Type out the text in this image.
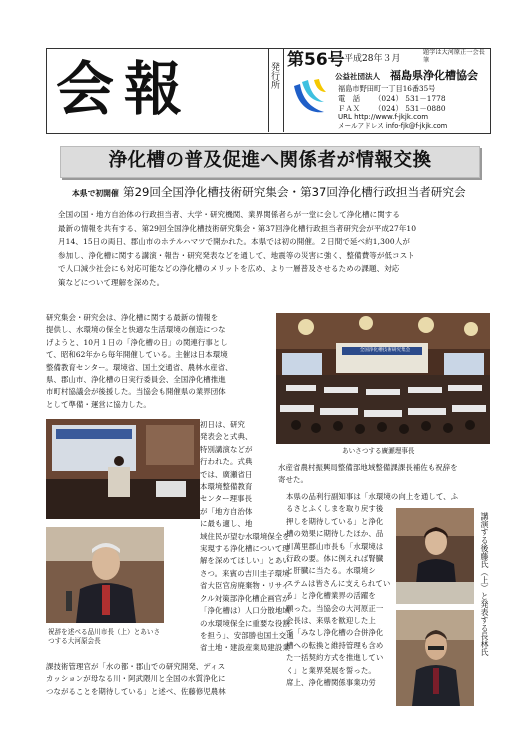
会報	発行所
第56号 平成28年３月
題字は大河原正一会長筆
公益社団法人 福島県浄化槽協会
福島市野田町一丁目16番35号
電　話 （024） 531－1778
ＦＡＸ （024） 531－0880
URL http://www.f-jkjk.com
メールアドレス info-fjk@f-jkjk.com
浄化槽の普及促進へ関係者が情報交換
本県で初開催 第29回全国浄化槽技術研究集会・第37回浄化槽行政担当者研究会
全国の国・地方自治体の行政担当者、大学・研究機関、業界関係者らが一堂に会して浄化槽に関する
最新の情報を共有する、第29回全国浄化槽技術研究集会・第37回浄化槽行政担当者研究会が平成27年10
月14、15日の両日、郡山市のホテルハマツで開かれた。本県では初の開催。２日間で延べ約1,300人が
参加し、浄化槽に関する講演・報告・研究発表などを通して、地震等の災害に強く、整備費等が低コスト
で人口減少社会にも対応可能などの浄化槽のメリットを広め、より一層普及させるための課題、対応
策などについて理解を深めた。
研究集会・研究会は、浄化槽に関する最新の情報を
提供し、水環境の保全と快適な生活環境の創造につな
げようと、10月１日の「浄化槽の日」の関連行事とし
て、昭和62年から毎年開催している。主催は日本環境
整備教育センター。環境省、国土交通省、農林水産省、
県、郡山市、浄化槽の日実行委員会、全国浄化槽推進
市町村協議会が後援した。当協会も開催県の業界団体
として準備・運営に協力した。
全国浄化槽技術研究集会
あいさつする廣瀬理事長
初日は、研究
発表会と式典、
特別講演などが
行われた。式典
では、廣瀬省日
本環境整備教育
センター理事長
が「地方自治体
に最も適し、地
域住民が望む水環境保全を
実現する浄化槽について理
解を深めてほしい」とあい
さつ。来賓の吉川圭子環境
省大臣官房廃棄物・リサイ
クル対策部浄化槽企画官が
「浄化槽は）人口分散地域
の水環境保全に重要な役割
を担う」、安部勝也国土交通
省土地・建設産業局建設業
祝辞を述べる品川市長（上）とあいさつする大河原会長
課技術管理官が「水の都・郡山での研究開発、ディス
カッションが母なる川・阿武隈川と全国の水質浄化に
つながることを期待している」と述べ、佐藤修児農林
水産省農村振興局整備部地域整備課課長補佐も祝辞を
寄せた。
本県の品利行副知事は「水環境の向上を通して、ふ
るさとふくしまを取り戻す後
押しを期待している」と浄化
槽の効果に期待したほか、品
川萬里郡山市長も「水環境は
行政の要。体に例えれば腎臓
と肝臓に当たる。水環境シ
ステムは皆さんに支えられてい
る」と浄化槽業界の活躍を
願った。当協会の大河原正一
会長は、来県を歓迎した上
で「みなし浄化槽の合併浄化
槽への転換と維持管理も含め
た一括契約方式を推進してい
く」と業界発展を誓った。
席上、浄化槽関係事業功労
講演する後藤氏（上）と発表する長林氏
